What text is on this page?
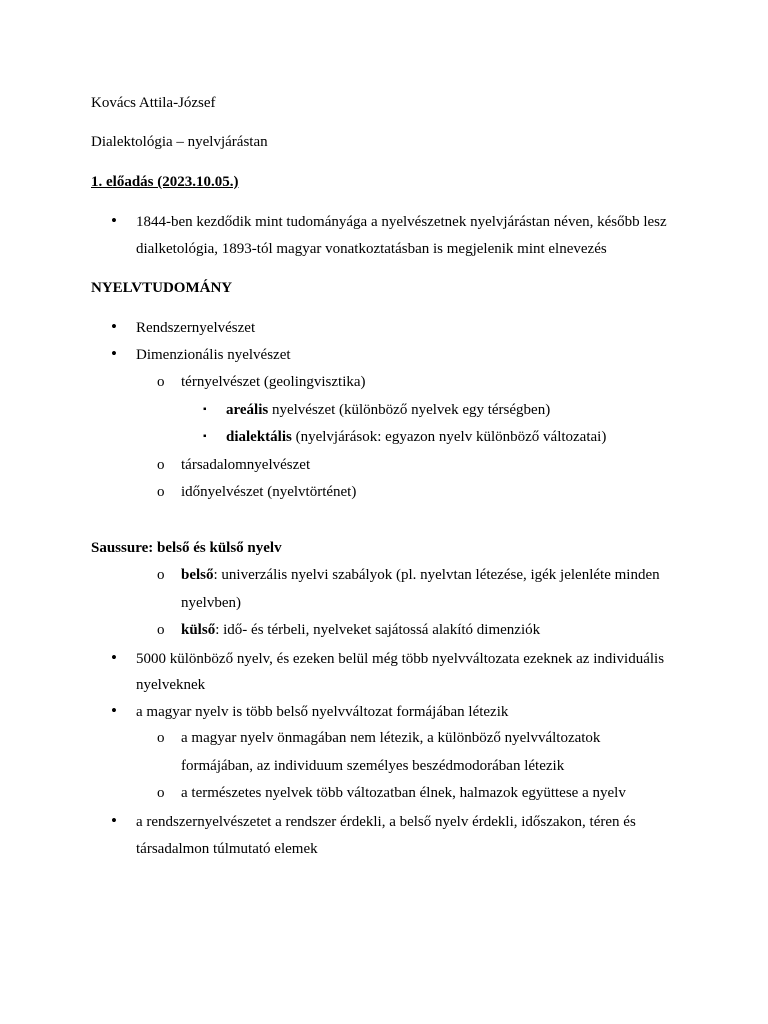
Kovács Attila-József
Dialektológia – nyelvjárástan
1. előadás (2023.10.05.)
• 1844-ben kezdődik mint tudományága a nyelvészetnek nyelvjárástan néven, később lesz
dialketológia, 1893-tól magyar vonatkoztatásban is megjelenik mint elnevezés
NYELVTUDOMÁNY
• Rendszernyelvészet
• Dimenzionális nyelvészet
o térnyelvészet (geolingvisztika)
▪ areális nyelvészet (különböző nyelvek egy térségben)
▪ dialektális (nyelvjárások: egyazon nyelv különböző változatai)
o társadalomnyelvészet
o időnyelvészet (nyelvtörténet)
Saussure: belső és külső nyelv
o belső: univerzális nyelvi szabályok (pl. nyelvtan létezése, igék jelenléte minden
nyelvben)
o külső: idő- és térbeli, nyelveket sajátossá alakító dimenziók
• 5000 különböző nyelv, és ezeken belül még több nyelvváltozata ezeknek az individuális
nyelveknek
• a magyar nyelv is több belső nyelvváltozat formájában létezik
o a magyar nyelv önmagában nem létezik, a különböző nyelvváltozatok
formájában, az individuum személyes beszédmodorában létezik
o a természetes nyelvek több változatban élnek, halmazok együttese a nyelv
• a rendszernyelvészetet a rendszer érdekli, a belső nyelv érdekli, időszakon, téren és
társadalmon túlmutató elemek
